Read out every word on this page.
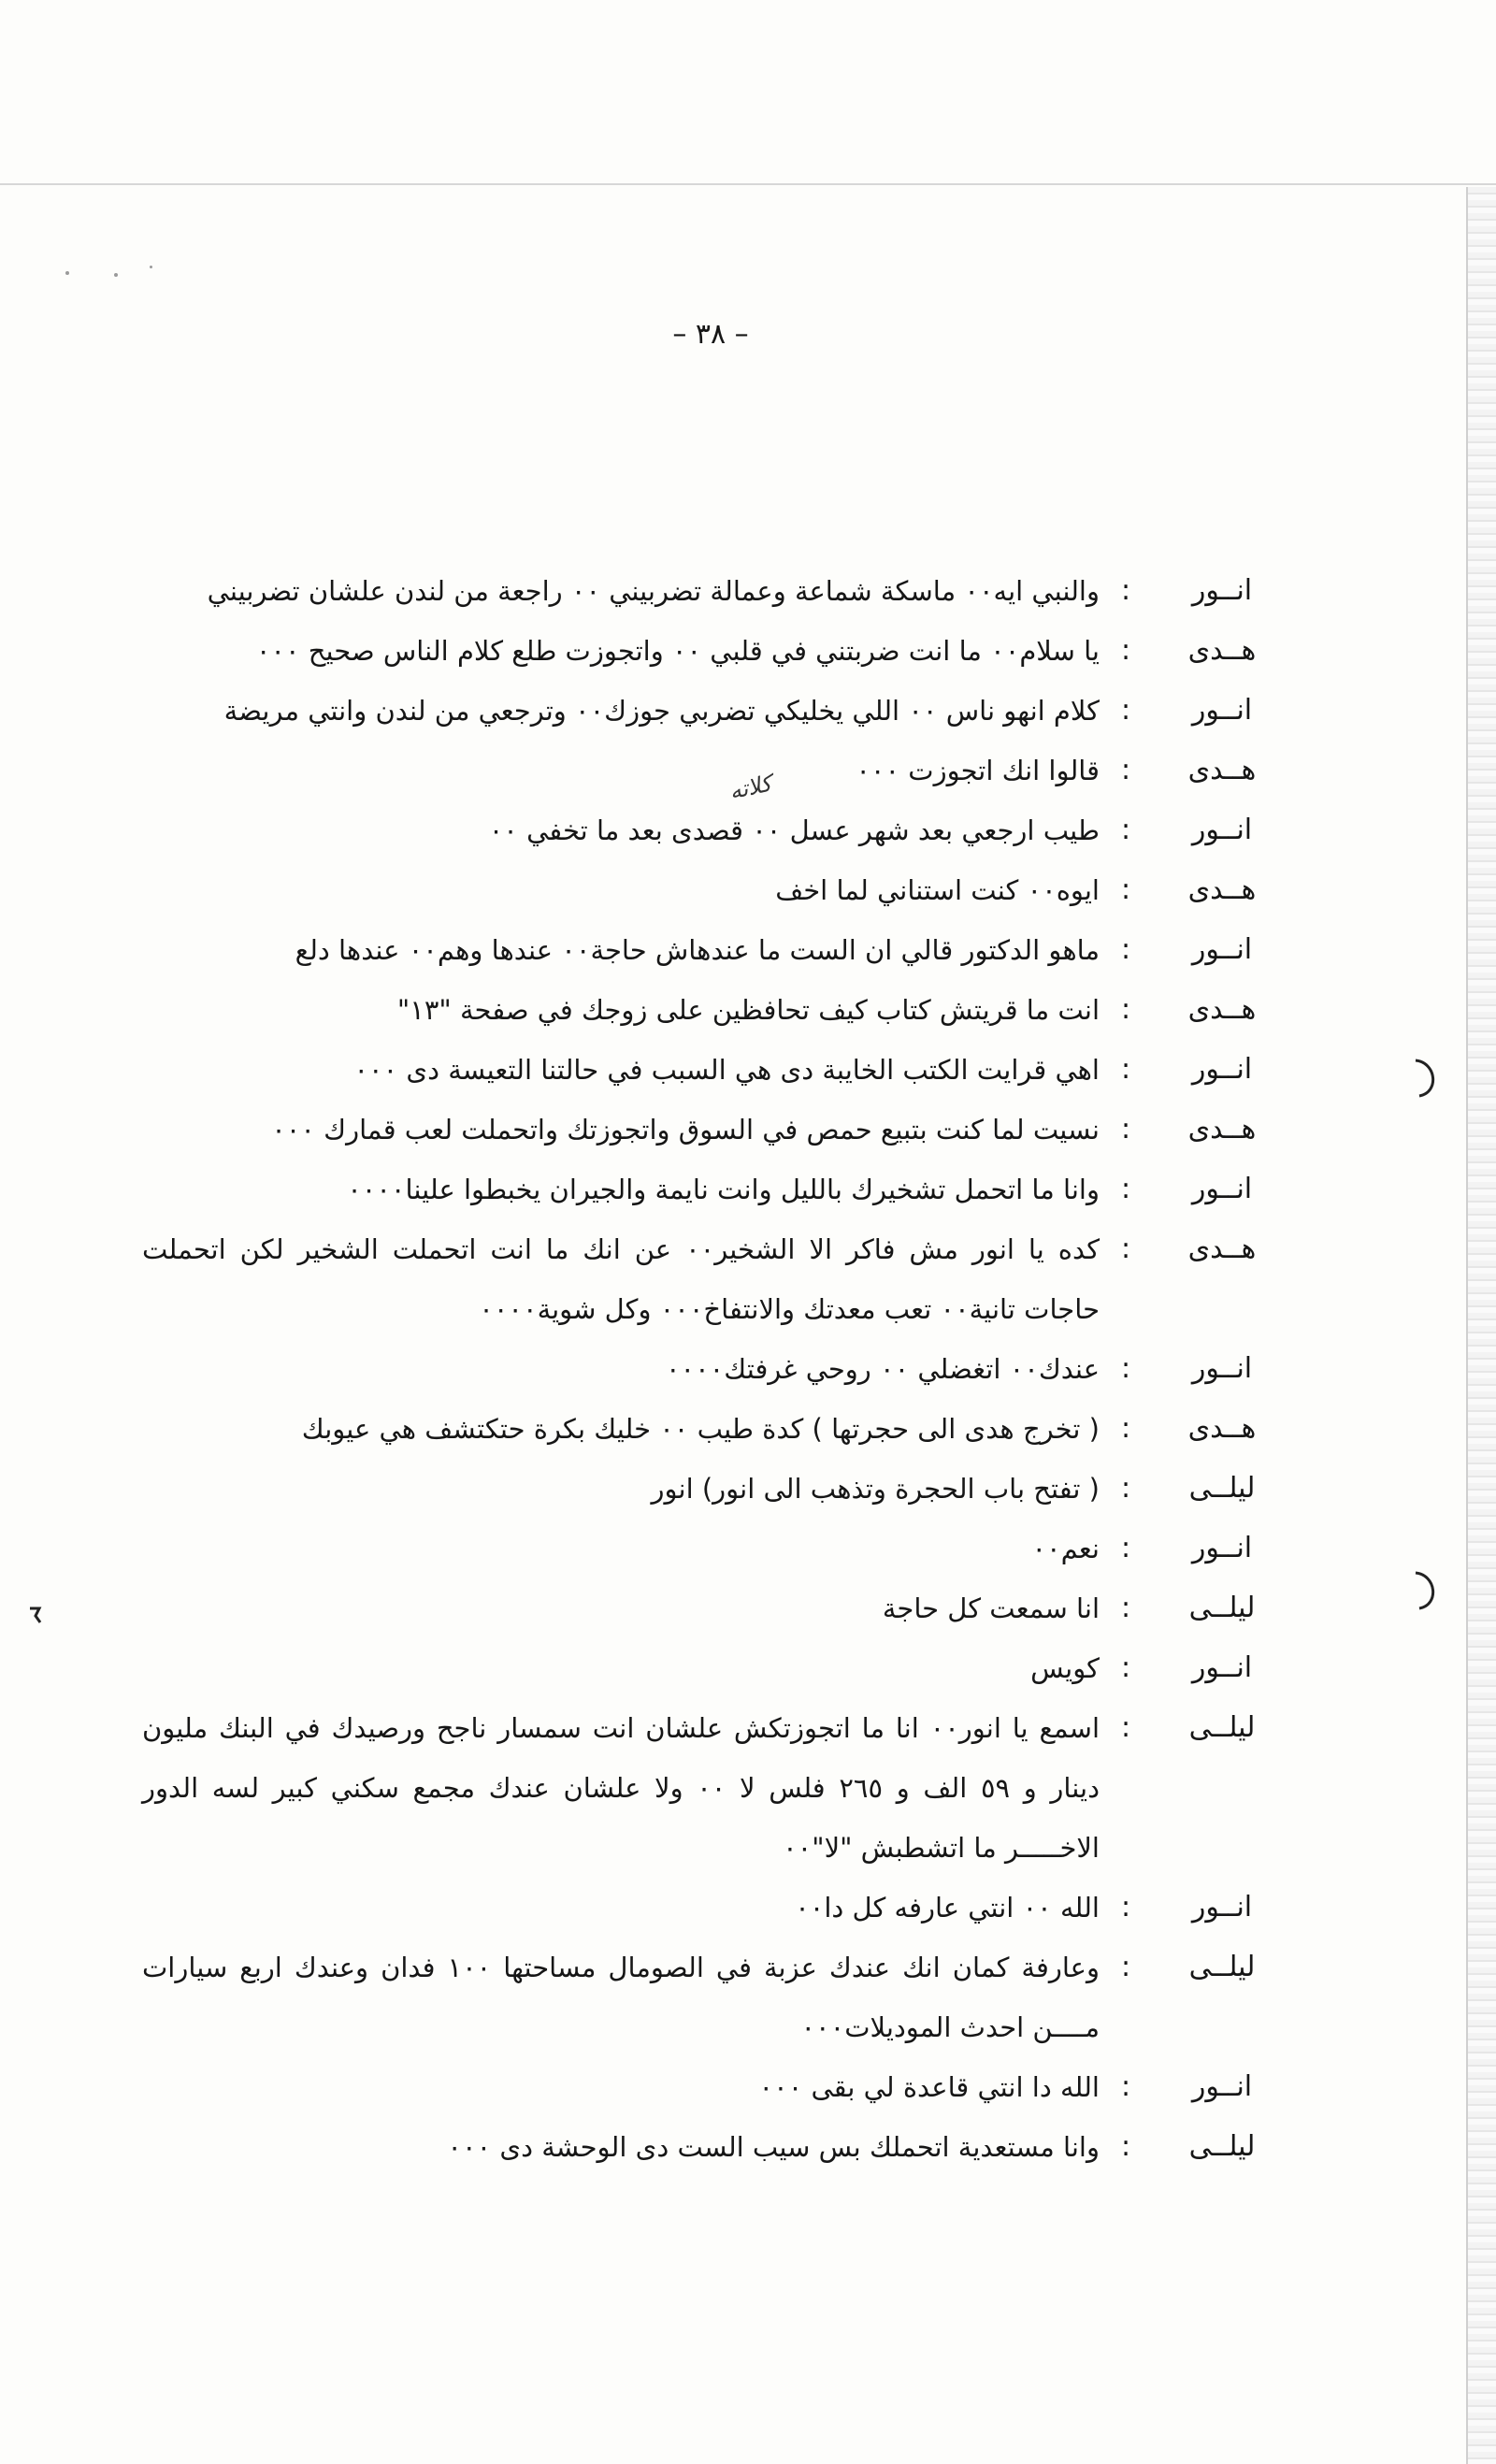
– ٣٨ –
كلاته
انــور
:
والنبي ايه٠٠ ماسكة شماعة وعمالة تضربيني ٠٠ راجعة من لندن علشان تضربيني
هــدى
:
يا سلام٠٠ ما انت ضربتني في قلبي ٠٠ واتجوزت طلع كلام الناس صحيح ٠٠٠
انــور
:
كلام انهو ناس ٠٠ اللي يخليكي تضربي جوزك٠٠ وترجعي من لندن وانتي مريضة
هــدى
:
قالوا انك اتجوزت ٠٠٠
انــور
:
طيب ارجعي بعد شهر عسل ٠٠ قصدى بعد ما تخفي ٠٠
هــدى
:
ايوه٠٠ كنت استناني لما اخف
انــور
:
ماهو الدكتور قالي ان الست ما عندهاش حاجة٠٠ عندها وهم٠٠ عندها دلع
هــدى
:
انت ما قريتش كتاب كيف تحافظين على زوجك في صفحة "١٣"
انــور
:
اهي قرايت الكتب الخايبة دى هي السبب في حالتنا التعيسة دى ٠٠٠
هــدى
:
نسيت لما كنت بتبيع حمص في السوق واتجوزتك واتحملت لعب قمارك ٠٠٠
انــور
:
وانا ما اتحمل تشخيرك بالليل وانت نايمة والجيران يخبطوا علينا٠٠٠٠
هــدى
:
كده يا انور مش فاكر الا الشخير٠٠ عن انك ما انت اتحملت الشخير لكن اتحملت حاجات تانية٠٠ تعب معدتك والانتفاخ٠٠٠ وكل شوية٠٠٠٠
انــور
:
عندك٠٠ اتغضلي ٠٠ روحي غرفتك٠٠٠٠
هــدى
:
( تخرج هدى الى حجرتها ) كدة طيب ٠٠ خليك بكرة حتكتشف هي عيوبك
ليلــى
:
( تفتح باب الحجرة وتذهب الى انور) انور
انــور
:
نعم٠٠
ليلــى
:
انا سمعت كل حاجة
انــور
:
كويس
ليلــى
:
اسمع يا انور٠٠ انا ما اتجوزتكش علشان انت سمسار ناجح ورصيدك في البنك مليون دينار و ٥٩ الف و ٢٦٥ فلس لا ٠٠ ولا علشان عندك مجمع سكني كبير لسه الدور الاخـــــر ما اتشطبش "لا"٠٠
انــور
:
الله ٠٠ انتي عارفه كل دا٠٠
ليلــى
:
وعارفة كمان انك عندك عزبة في الصومال مساحتها ١٠٠ فدان وعندك اربع سيارات مــــن احدث الموديلات٠٠٠
انــور
:
الله دا انتي قاعدة لي بقى ٠٠٠
ليلــى
:
وانا مستعدية اتحملك بس سيب الست دى الوحشة دى ٠٠٠
